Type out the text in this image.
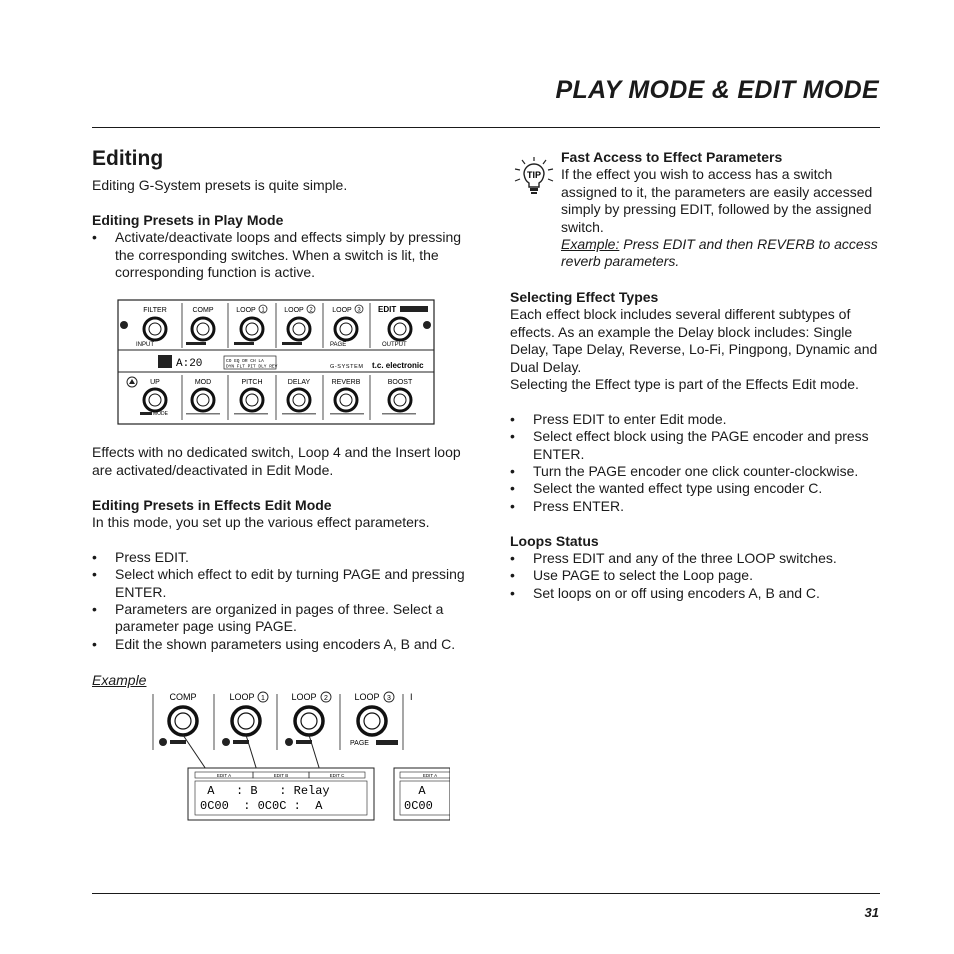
PLAY MODE & EDIT MODE
Editing
Editing G-System presets is quite simple.
Editing Presets in Play Mode
• Activate/deactivate loops and effects simply by pressing the corresponding switches. When a switch is lit, the corresponding function is active.
Effects with no dedicated switch, Loop 4 and the Insert loop are activated/deactivated in Edit Mode.
Editing Presets in Effects Edit Mode
In this mode, you set up the various effect parameters.
• Press EDIT.
• Select which effect to edit by turning PAGE and pressing ENTER.
• Parameters are organized in pages of three. Select a parameter page using PAGE.
• Edit the shown parameters using encoders A, B and C.
FILTER	COMP	LOOP 1	LOOP 2	LOOP 3 EDIT
INPUT	PAGE	OUTPUT
A:20	CO EQ DR CH LA
DYN FLT PIT DLY REV	G-SYSTEM t.c. electronic
UP	MOD	PITCH	DELAY	REVERB	BOOST
MODE
TIP
Fast Access to Effect Parameters
If the effect you wish to access has a switch assigned to it, the parameters are easily accessed simply by pressing EDIT, followed by the assigned switch.
Example: Press EDIT and then REVERB to access reverb parameters.
Selecting Effect Types
Each effect block includes several different subtypes of effects. As an example the Delay block includes: Single Delay, Tape Delay, Reverse, Lo-Fi, Pingpong, Dynamic and Dual Delay.
Selecting the Effect type is part of the Effects Edit mode.
• Press EDIT to enter Edit mode.
• Select effect block using the PAGE encoder and press ENTER.
• Turn the PAGE encoder one click counter-clockwise.
• Select the wanted effect type using encoder C.
• Press ENTER.
Loops Status
• Press EDIT and any of the three LOOP switches.
• Use PAGE to select the Loop page.
• Set loops on or off using encoders A, B and C.
Example
I
COMP	LOOP 1	LOOP 2	LOOP 3
PAGE
EDIT A	EDIT B	EDIT C
A   : B   : Relay
0C00  : 0C0C :  A
EDIT A
A
0C00
31
